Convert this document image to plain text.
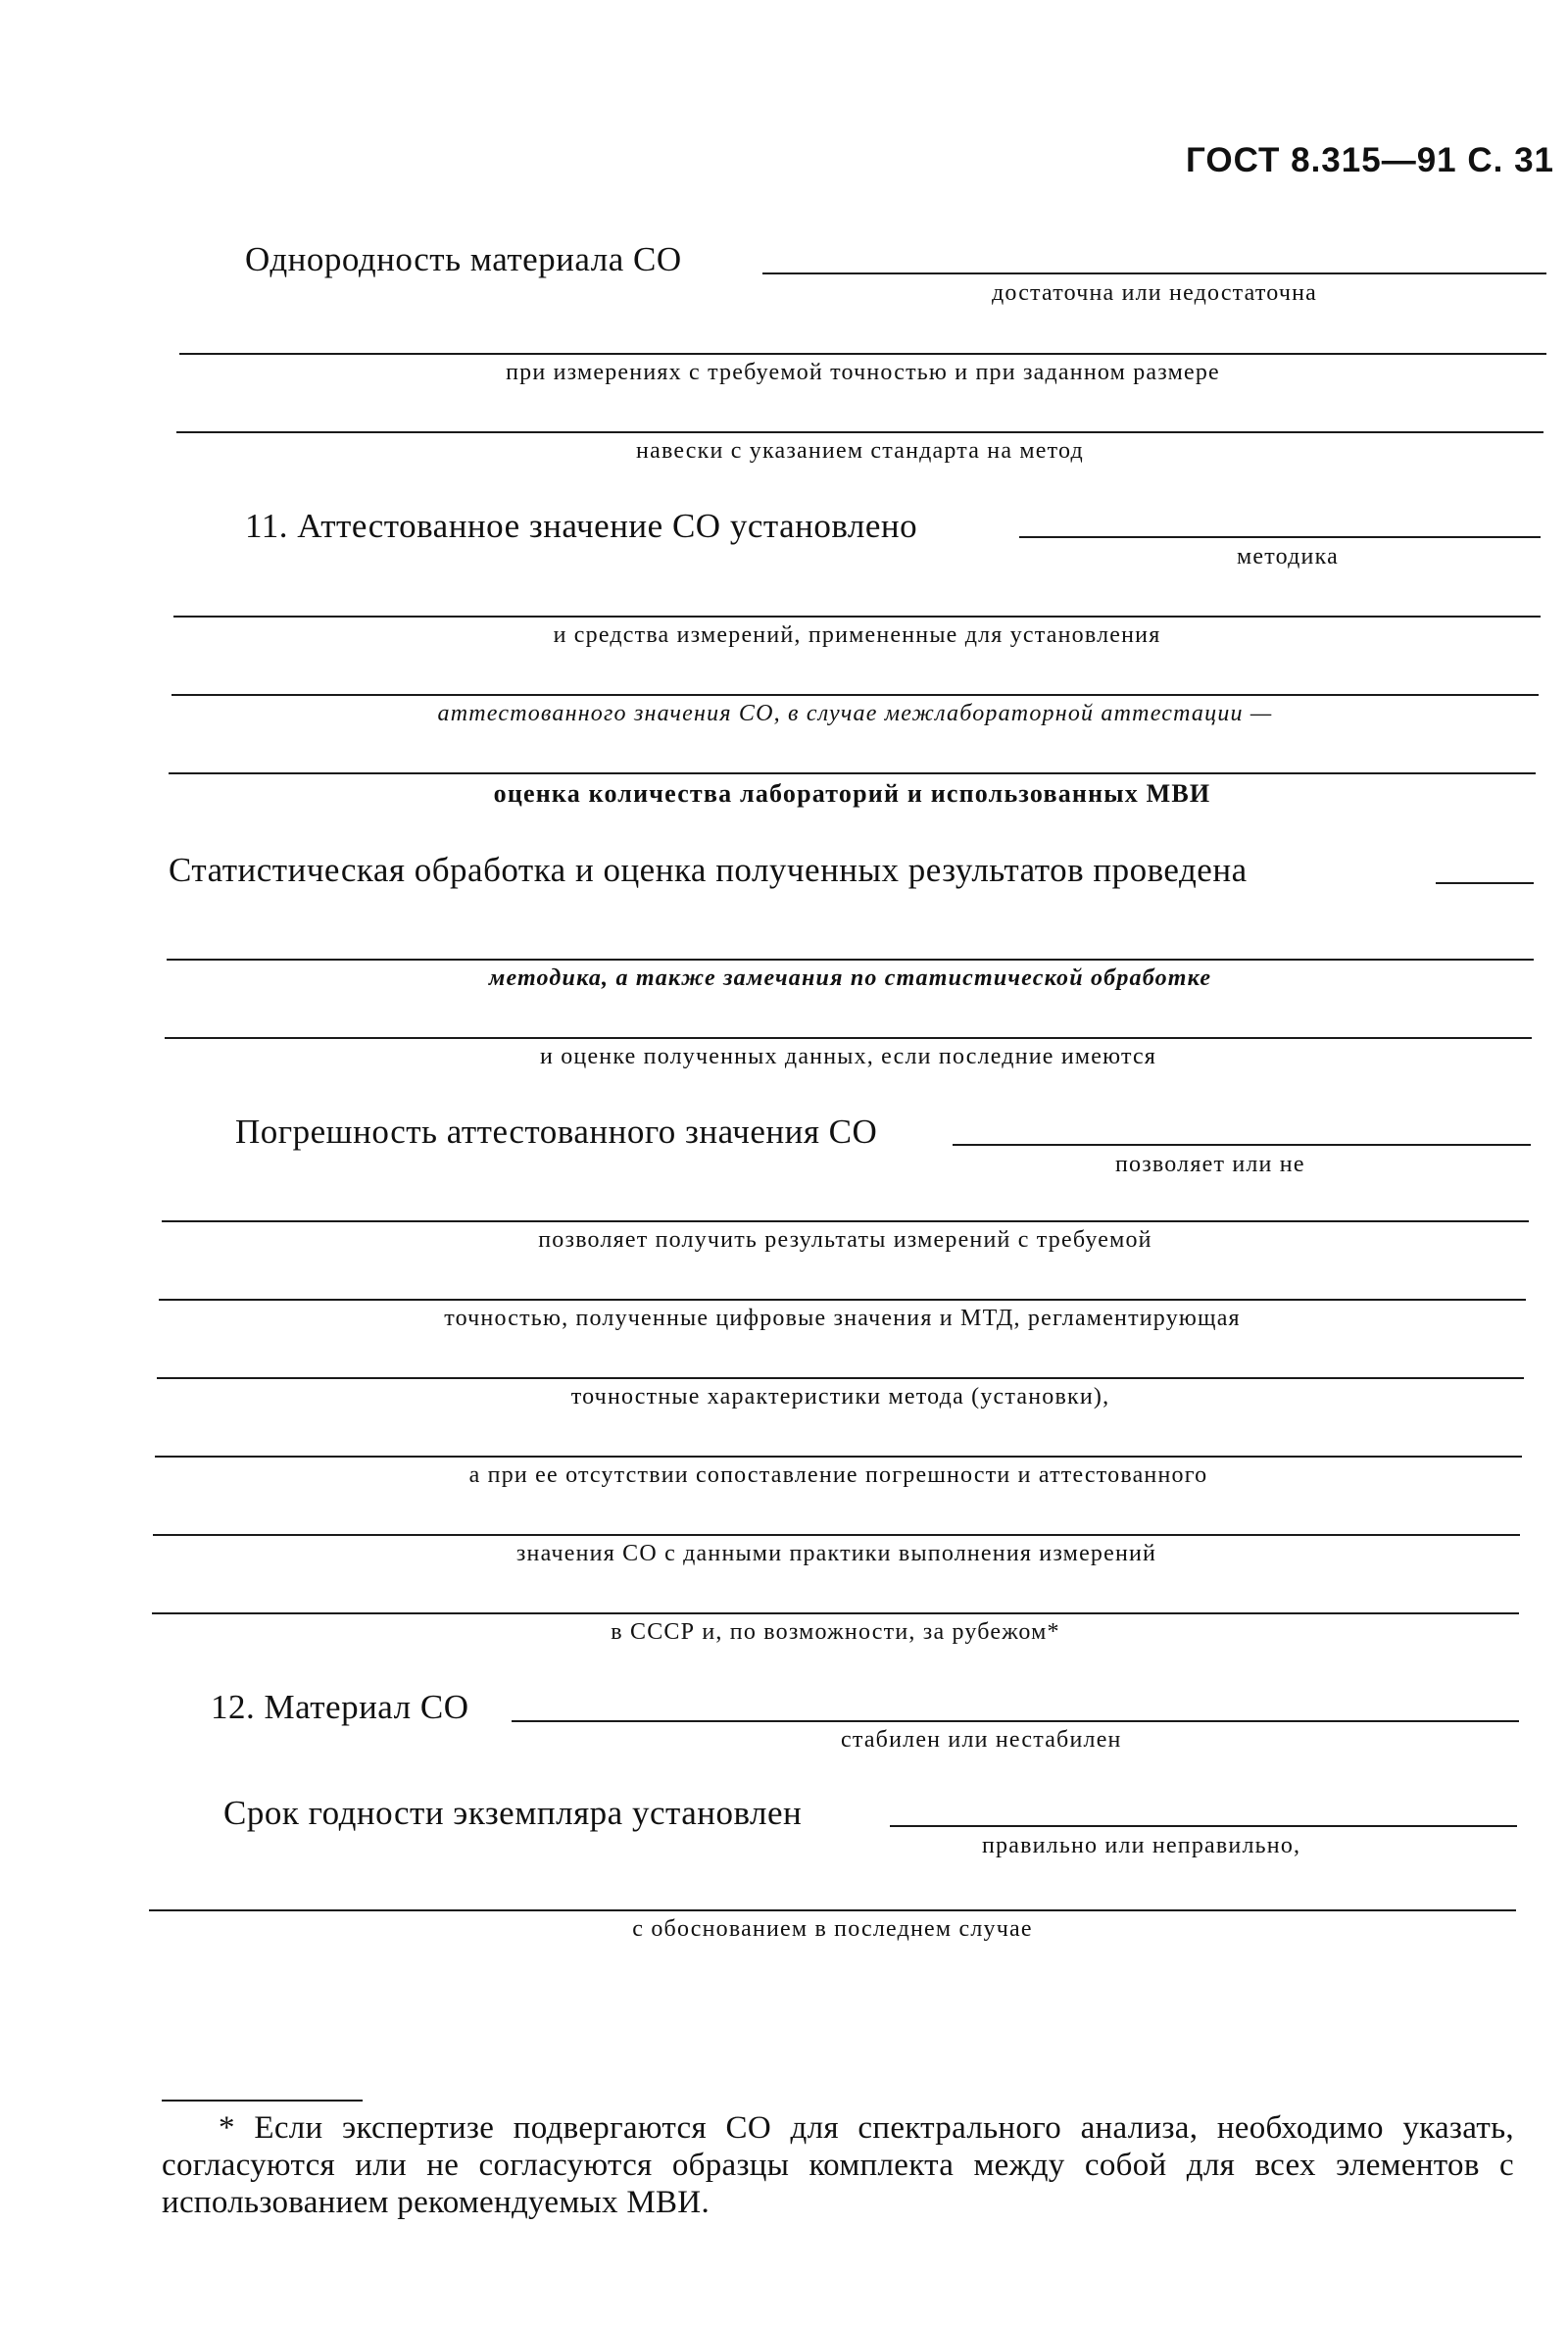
ГОСТ 8.315—91 С. 31
Однородность материала СО
достаточна или недостаточна
при измерениях с требуемой точностью и при заданном размере
навески с указанием стандарта на метод
11. Аттестованное значение СО установлено
методика
и средства измерений, примененные для установления
аттестованного значения СО, в случае межлабораторной аттестации —
оценка количества лабораторий и использованных МВИ
Статистическая обработка и оценка полученных результатов проведена
методика, а также замечания по статистической обработке
и оценке полученных данных, если последние имеются
Погрешность аттестованного значения СО
позволяет или не
позволяет получить результаты измерений с требуемой
точностью, полученные цифровые значения и МТД, регламентирующая
точностные характеристики метода (установки),
а при ее отсутствии сопоставление погрешности и аттестованного
значения СО с данными практики выполнения измерений
в СССР и, по возможности, за рубежом*
12. Материал СО
стабилен или нестабилен
Срок годности экземпляра установлен
правильно или неправильно,
с обоснованием в последнем случае
* Если экспертизе подвергаются СО для спектрального анализа, необходимо указать, согласуются или не согласуются образцы комплекта между собой для всех элементов с использованием рекомендуемых МВИ.
